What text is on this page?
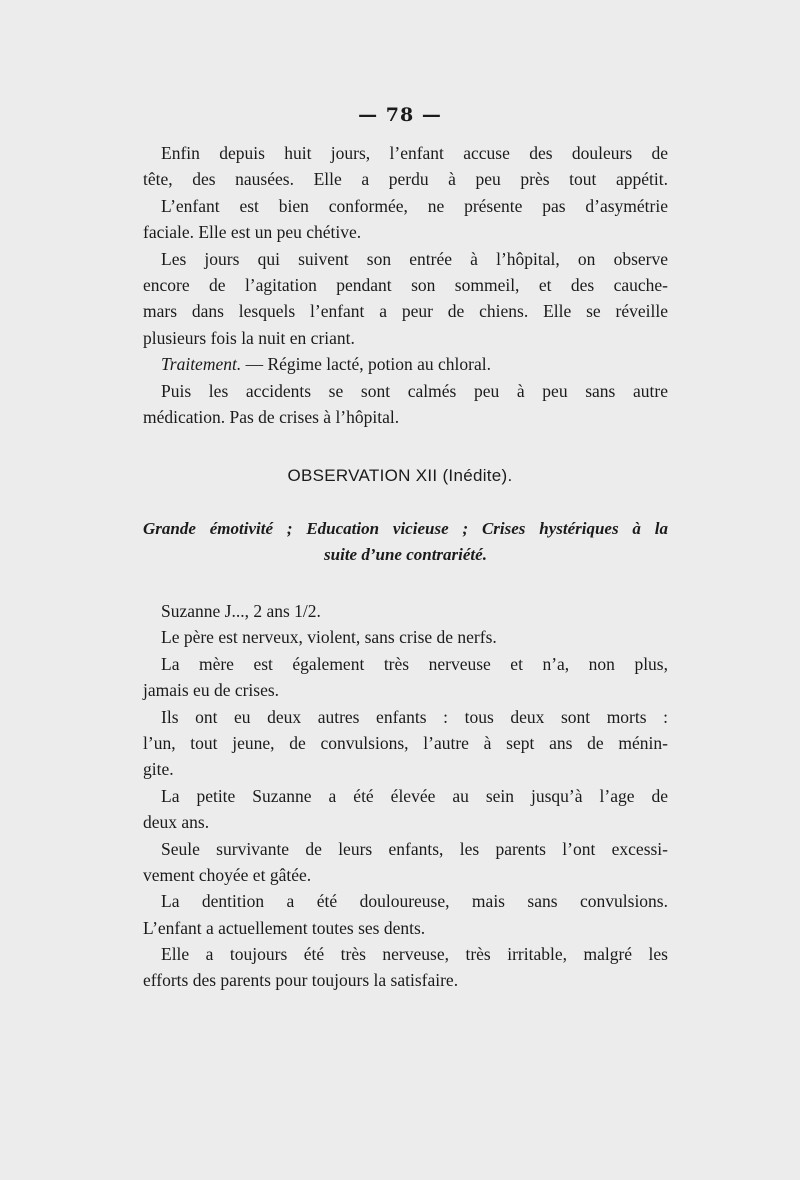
— 78 —
Enfin depuis huit jours, l’enfant accuse des douleurs de
tête, des nausées. Elle a perdu à peu près tout appétit.
L’enfant est bien conformée, ne présente pas d’asymétrie
faciale. Elle est un peu chétive.
Les jours qui suivent son entrée à l’hôpital, on observe
encore de l’agitation pendant son sommeil, et des cauche-
mars dans lesquels l’enfant a peur de chiens. Elle se réveille
plusieurs fois la nuit en criant.
Traitement. — Régime lacté, potion au chloral.
Puis les accidents se sont calmés peu à peu sans autre
médication. Pas de crises à l’hôpital.
OBSERVATION XII (Inédite).
Grande émotivité ; Education vicieuse ; Crises hystériques à la
suite d’une contrariété.
Suzanne J..., 2 ans 1/2.
Le père est nerveux, violent, sans crise de nerfs.
La mère est également très nerveuse et n’a, non plus,
jamais eu de crises.
Ils ont eu deux autres enfants : tous deux sont morts :
l’un, tout jeune, de convulsions, l’autre à sept ans de ménin-
gite.
La petite Suzanne a été élevée au sein jusqu’à l’age de
deux ans.
Seule survivante de leurs enfants, les parents l’ont excessi-
vement choyée et gâtée.
La dentition a été douloureuse, mais sans convulsions.
L’enfant a actuellement toutes ses dents.
Elle a toujours été très nerveuse, très irritable, malgré les
efforts des parents pour toujours la satisfaire.
